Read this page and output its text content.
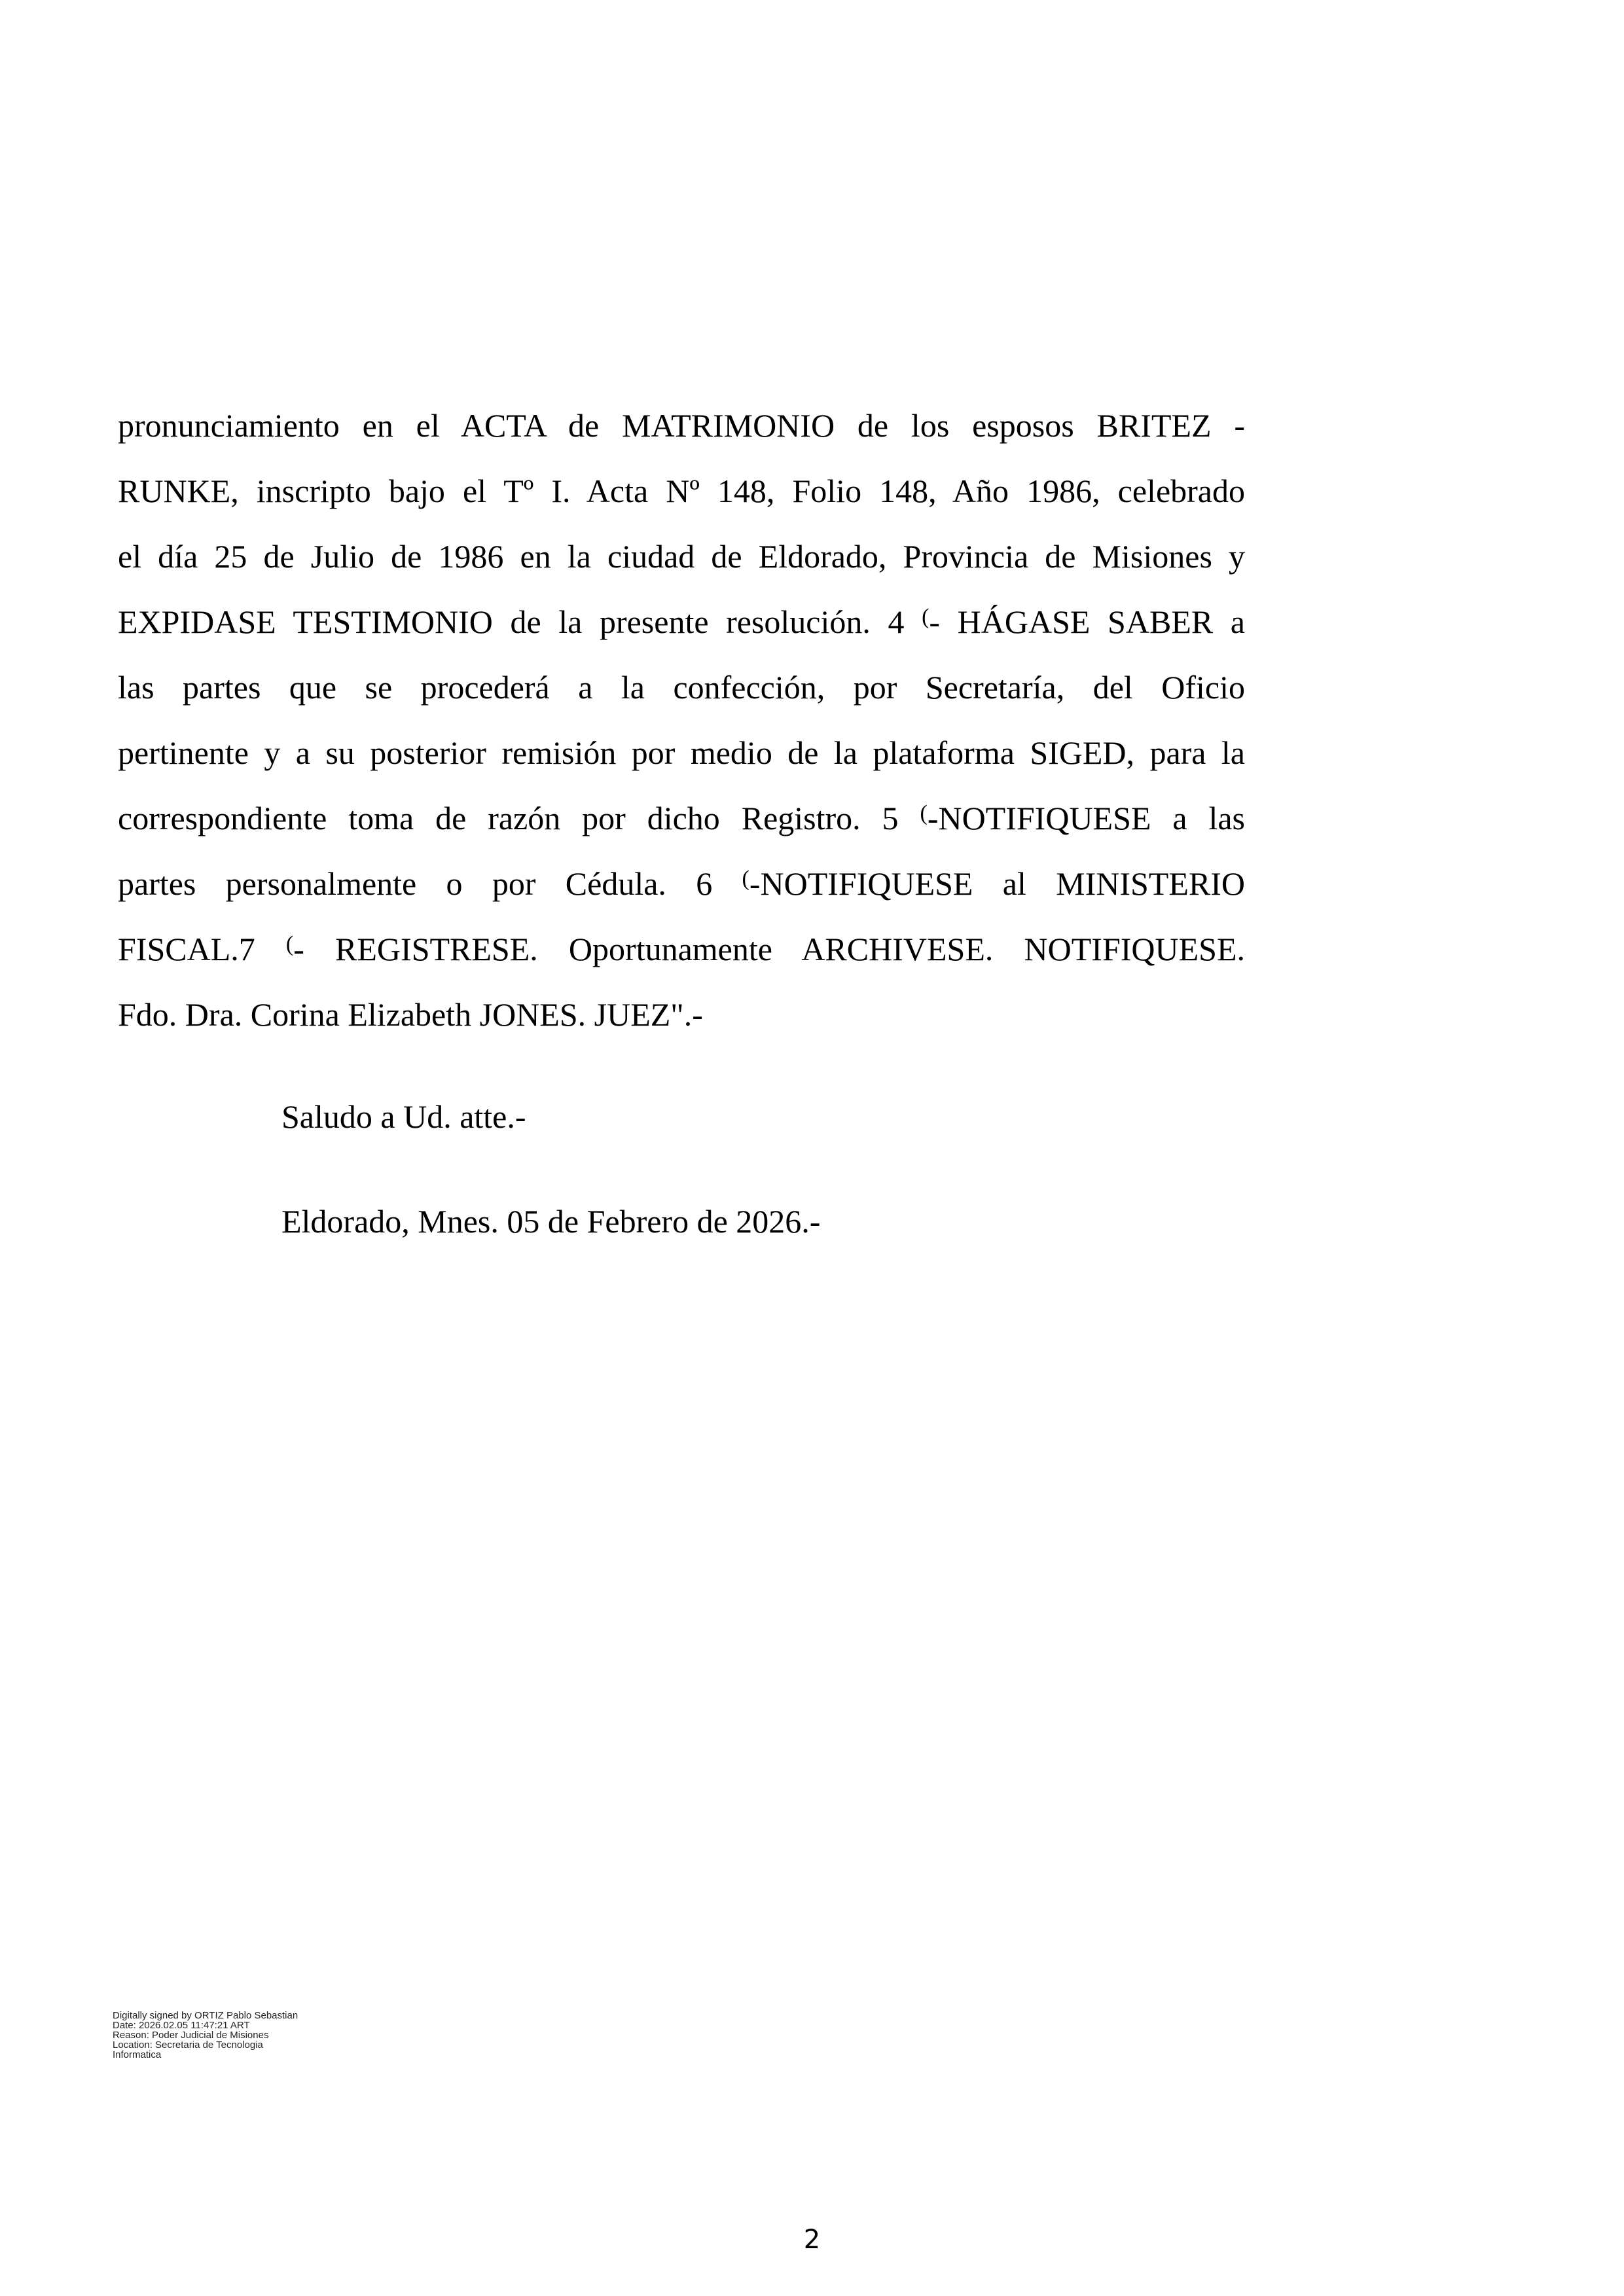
pronunciamiento en el ACTA de MATRIMONIO de los esposos BRITEZ -
RUNKE, inscripto bajo el Tº I. Acta Nº 148, Folio 148, Año 1986, celebrado
el día 25 de Julio de 1986 en la ciudad de Eldorado, Provincia de Misiones y
EXPIDASE TESTIMONIO de la presente resolución. 4 (- HÁGASE SABER a
las partes que se procederá a la confección, por Secretaría, del Oficio
pertinente y a su posterior remisión por medio de la plataforma SIGED, para la
correspondiente toma de razón por dicho Registro. 5 (-NOTIFIQUESE a las
partes personalmente o por Cédula. 6 (-NOTIFIQUESE al MINISTERIO
FISCAL.7 (- REGISTRESE. Oportunamente ARCHIVESE. NOTIFIQUESE.
Fdo. Dra. Corina Elizabeth JONES. JUEZ".-
Saludo a Ud. atte.-
Eldorado, Mnes. 05 de Febrero de 2026.-
Digitally signed by ORTIZ Pablo Sebastian
Date: 2026.02.05 11:47:21 ART
Reason: Poder Judicial de Misiones
Location: Secretaria de Tecnologia
Informatica
2
